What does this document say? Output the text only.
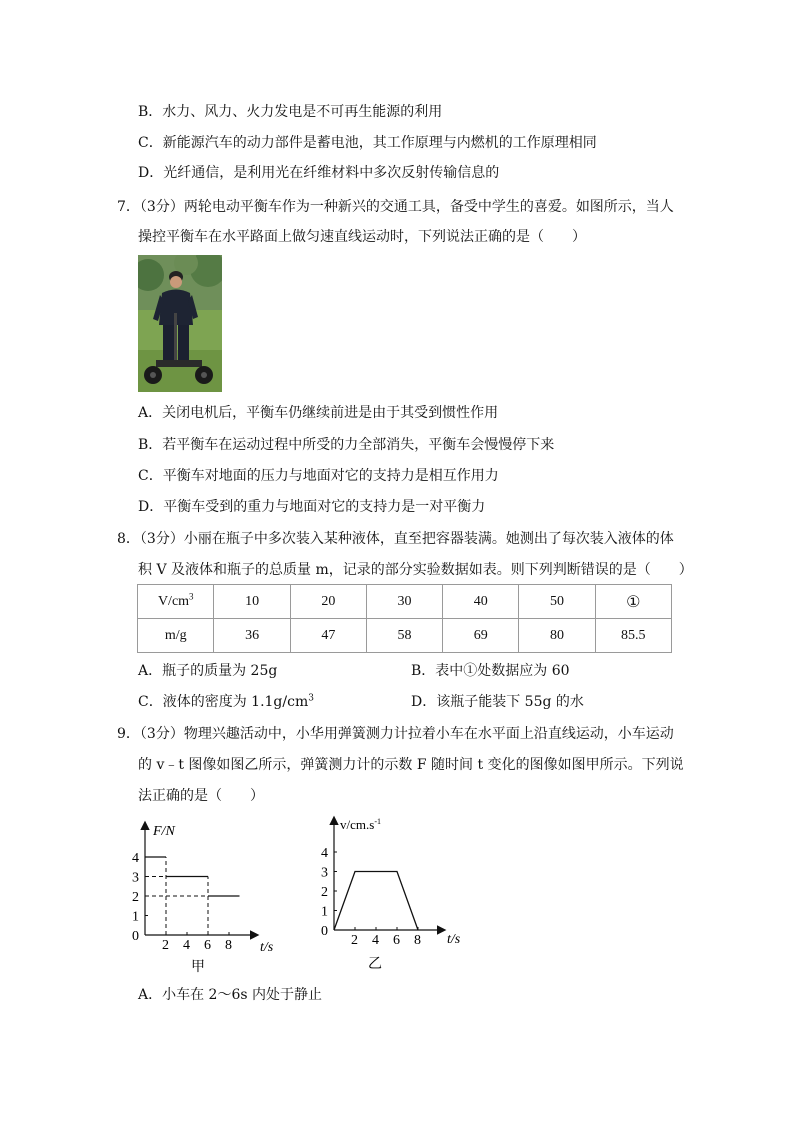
B．水力、风力、火力发电是不可再生能源的利用
C．新能源汽车的动力部件是蓄电池，其工作原理与内燃机的工作原理相同
D．光纤通信，是利用光在纤维材料中多次反射传输信息的
7．（3分）两轮电动平衡车作为一种新兴的交通工具，备受中学生的喜爱。如图所示，当人
操控平衡车在水平路面上做匀速直线运动时，下列说法正确的是（　　）
A．关闭电机后，平衡车仍继续前进是由于其受到惯性作用
B．若平衡车在运动过程中所受的力全部消失，平衡车会慢慢停下来
C．平衡车对地面的压力与地面对它的支持力是相互作用力
D．平衡车受到的重力与地面对它的支持力是一对平衡力
8．（3分）小丽在瓶子中多次装入某种液体，直至把容器装满。她测出了每次装入液体的体
积 V 及液体和瓶子的总质量 m，记录的部分实验数据如表。则下列判断错误的是（　　）
$V/cm^3$	10	20	30	40	50	①
m/g	36	47	58	69	80	85.5
A．瓶子的质量为 25g	B．表中①处数据应为 60
C．液体的密度为 $1.1g/cm^3$	D．该瓶子能装下 55g 的水
9．（3分）物理兴趣活动中，小华用弹簧测力计拉着小车在水平面上沿直线运动，小车运动
的 v﹣t 图像如图乙所示，弹簧测力计的示数 F 随时间 t 变化的图像如图甲所示。下列说
法正确的是（　　）
F/N
t/s
2 4 6 8
0
1
2
3
4
甲
$v/cm.s^{-1}$
t/s
2 4 6 8
0
1
2
3
4
乙
A．小车在 2～6s 内处于静止
